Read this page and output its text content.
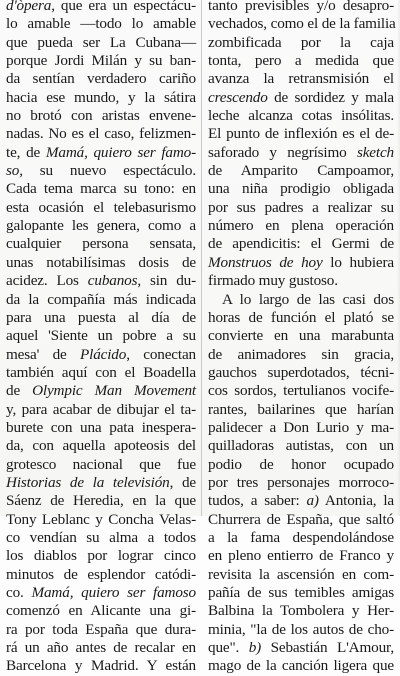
d'òpera, que era un espectácu-
lo amable —todo lo amable
que pueda ser La Cubana—
porque Jordi Milán y su ban-
da sentían verdadero cariño
hacia ese mundo, y la sátira
no brotó con aristas envene-
nadas. No es el caso, felizmen-
te, de Mamá, quiero ser famo-
so, su nuevo espectáculo.
Cada tema marca su tono: en
esta ocasión el telebasurismo
galopante les genera, como a
cualquier persona sensata,
unas notabilísimas dosis de
acidez. Los cubanos, sin du-
da la compañía más indicada
para una puesta al día de
aquel 'Siente un pobre a su
mesa' de Plácido, conectan
también aquí con el Boadella
de Olympic Man Movement
y, para acabar de dibujar el ta-
burete con una pata inespera-
da, con aquella apoteosis del
grotesco nacional que fue
Historias de la televisión, de
Sáenz de Heredia, en la que
Tony Leblanc y Concha Velas-
co vendían su alma a todos
los diablos por lograr cinco
minutos de esplendor catódi-
co. Mamá, quiero ser famoso
comenzó en Alicante una gi-
ra por toda España que dura-
rá un año antes de recalar en
Barcelona y Madrid. Y están
tanto previsibles y/o desapro-
vechados, como el de la familia
zombificada por la caja
tonta, pero a medida que
avanza la retransmisión el
crescendo de sordidez y mala
leche alcanza cotas insólitas.
El punto de inflexión es el de-
saforado y negrísimo sketch
de Amparito Campoamor,
una niña prodigio obligada
por sus padres a realizar su
número en plena operación
de apendicitis: el Germi de
Monstruos de hoy lo hubiera
firmado muy gustoso.
A lo largo de las casi dos
horas de función el plató se
convierte en una marabunta
de animadores sin gracia,
gauchos superdotados, técni-
cos sordos, tertulianos vocife-
rantes, bailarines que harían
palidecer a Don Lurio y ma-
quilladoras autistas, con un
podio de honor ocupado
por tres personajes morroco-
tudos, a saber: a) Antonia, la
Churrera de España, que saltó
a la fama despendolándose
en pleno entierro de Franco y
revisita la ascensión en com-
pañía de sus temibles amigas
Balbina la Tombolera y Her-
minia, "la de los autos de cho-
que". b) Sebastián L'Amour,
mago de la canción ligera que
